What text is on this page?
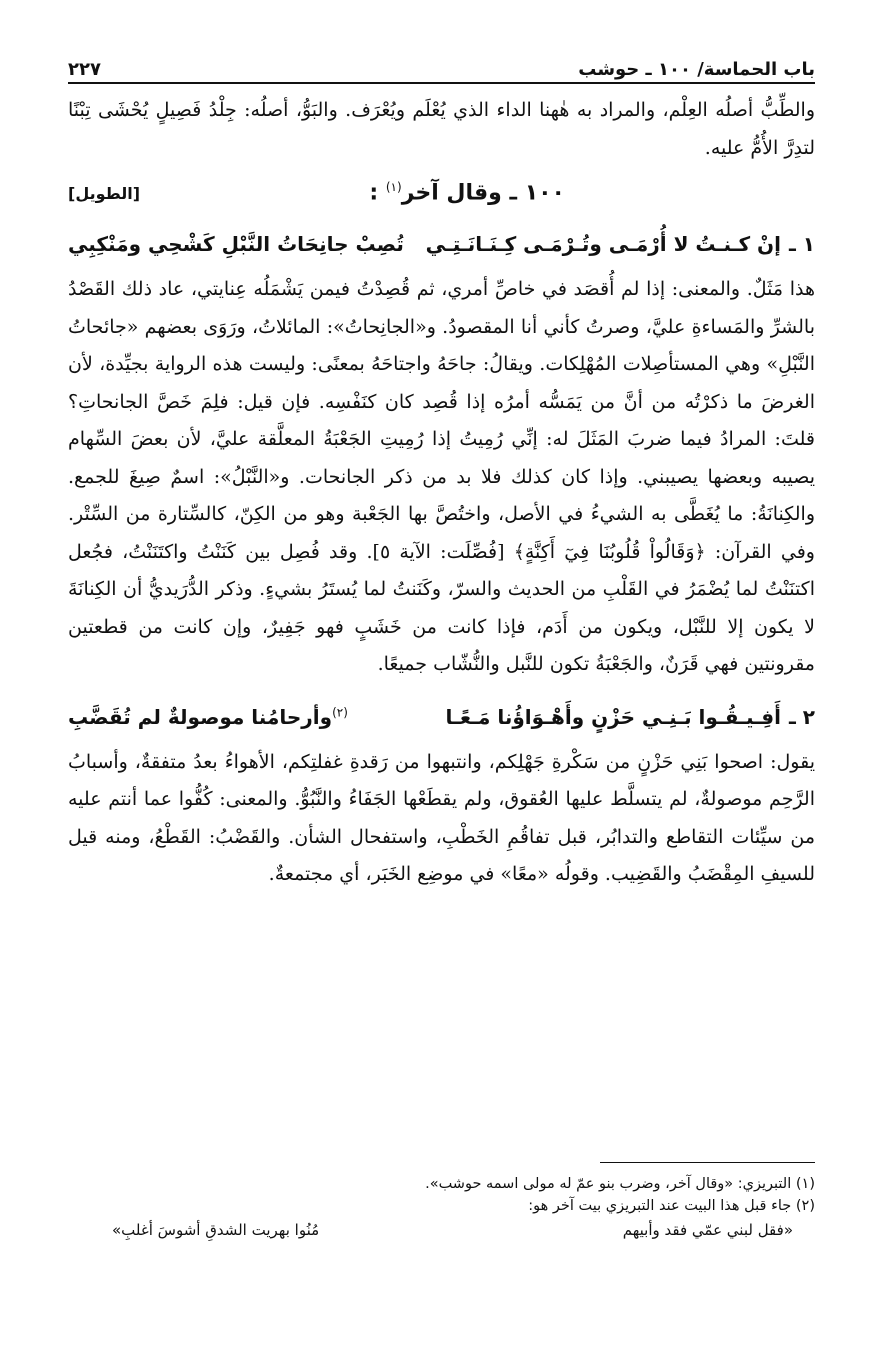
باب الحماسة/ ١٠٠ ـ حوشب
٢٢٧

والطِّبُّ أصلُه العِلْم، والمراد به هٰهنا الداء الذي يُعْلَم ويُعْرَف. والبَوُّ، أصلُه: جِلْدُ فَصِيلٍ يُحْشَى تِبْنًا لتدِرَّ الأُمُّ عليه.

١٠٠ ـ وقال آخر$^{(١)}$ :
[الطويل]
١ ـ
إنْ كـنـتُ لا أُرْمَـى وتُـرْمَـى كِـنَـانَـتِـي
تُصِبْ جانِحَاتُ النَّبْلِ كَشْحِي ومَنْكِبِي

هذا مَثَلٌ. والمعنى: إذا لم أُقصَد في خاصِّ أمري، ثم قُصِدْتُ فيمن يَشْمَلُه عِنايتي، عاد ذلك القَصْدُ بالشرِّ والمَساءةِ عليَّ، وصرتُ كأني أنا المقصودُ. و«الجانِحاتُ»: المائلاتُ، ورَوَى بعضهم «جائحاتُ النَّبْلِ» وهي المستأصِلات المُهْلِكات. ويقالُ: جاحَهُ واجتاحَهُ بمعنًى: وليست هذه الرواية بجيِّدة، لأن الغرضَ ما ذكرْتُه من أنَّ من يَمَسُّه أمرُه إذا قُصِد كان كنَفْسِه. فإن قيل: فلِمَ خَصَّ الجانحاتِ؟ قلتَ: المرادُ فيما ضربَ المَثَلَ له: إنِّي رُمِيتُ إذا رُمِيتِ الجَعْبَةُ المعلَّقة عليَّ، لأن بعضَ السِّهام يصيبه وبعضها يصيبني. وإذا كان كذلك فلا بد من ذكر الجانحات. و«النَّبْلُ»: اسمٌ صِيغَ للجمع. والكِنانَةُ: ما يُغَطَّى به الشيءُ في الأصل، واختُصَّ بها الجَعْبة وهو من الكِنّ، كالسِّتارة من السِّتْر. وفي القرآن: ﴿وَقَالُواْ قُلُوبُنَا فِيٓ أَكِنَّةٍ﴾ [فُصِّلَت: الآية ٥]. وقد فُصِل بين كَنَنْتُ واكتَنَنْتُ، فجُعل اكتنَنْتُ لما يُضْمَرُ في القَلْبِ من الحديث والسرّ، وكَنَنتُ لما يُستَرُ بشيءٍ. وذكر الدُّرَيديُّ أن الكِنانَةَ لا يكون إلا للنَّبْل، ويكون من أَدَم، فإذا كانت من خَشَبٍ فهو جَفِيرٌ، وإن كانت من قطعتين مقرونتين فهي قَرَنٌ، والجَعْبَةُ تكون للنَّبل والنُّشّاب جميعًا.

٢ ـ
أَفِـيـقُـوا بَـنِـي حَزْنٍ وأَهْـوَاؤُنا مَـعًـا
$^{(٢)}$وأرحامُنا موصولةٌ لم تُقَضَّبِ

يقول: اصحوا بَنِي حَزْنٍ من سَكْرةِ جَهْلِكم، وانتبهوا من رَقدةِ غفلتِكم، الأهواءُ بعدُ متفقةٌ، وأسبابُ الرَّحِم موصولةٌ، لم يتسلَّط عليها العُقوق، ولم يقطَعْها الجَفَاءُ والنَّبُوُّ. والمعنى: كُفُّوا عما أنتم عليه من سيِّئات التقاطع والتدابُر، قبل تفاقُمِ الخَطْبِ، واستفحال الشأن. والقَضْبُ: القَطْعُ، ومنه قيل للسيفِ المِقْضَبُ والقَضِيب. وقولُه «معًا» في موضِع الخَبَر، أي مجتمعةٌ.

(١) التبريزي: «وقال آخر، وضرب بنو عمّ له مولى اسمه حوشب».

(٢) جاء قبل هذا البيت عند التبريزي بيت آخر هو:

«فقل لبني عمّي فقد وأبيهم
مُنُوا بهريت الشدقِ أشوسَ أغلبِ»
